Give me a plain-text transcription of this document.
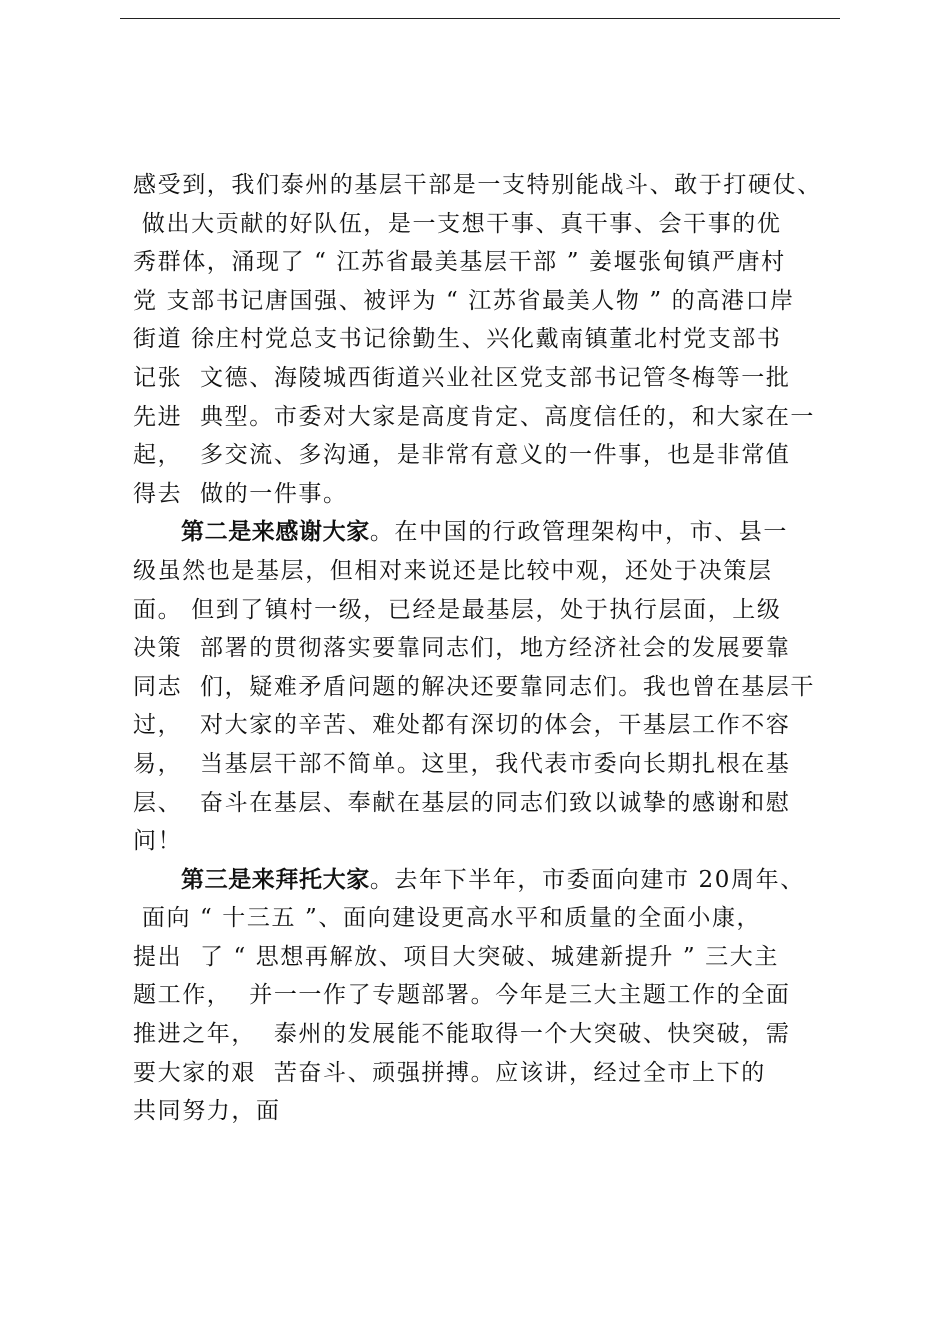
感受到，我们泰州的基层干部是一支特别能战斗、敢于打硬仗、
做出大贡献的好队伍，是一支想干事、真干事、会干事的优
秀群体，涌现了 “ 江苏省最美基层干部 ” 姜堰张甸镇严唐村
党 支部书记唐国强、被评为 “ 江苏省最美人物 ” 的高港口岸
街道 徐庄村党总支书记徐勤生、兴化戴南镇董北村党支部书
记张  文德、海陵城西街道兴业社区党支部书记管冬梅等一批
先进  典型。市委对大家是高度肯定、高度信任的，和大家在一
起，  多交流、多沟通，是非常有意义的一件事，也是非常值
得去  做的一件事。
第二是来感谢大家。在中国的行政管理架构中，市、县一
级虽然也是基层，但相对来说还是比较中观，还处于决策层
面。 但到了镇村一级，已经是最基层，处于执行层面，上级
决策  部署的贯彻落实要靠同志们，地方经济社会的发展要靠
同志  们，疑难矛盾问题的解决还要靠同志们。我也曾在基层干
过，  对大家的辛苦、难处都有深切的体会，干基层工作不容
易，  当基层干部不简单。这里，我代表市委向长期扎根在基
层、  奋斗在基层、奉献在基层的同志们致以诚挚的感谢和慰
问！
第三是来拜托大家。去年下半年，市委面向建市 20周年、
面向 “ 十三五 ”、面向建设更高水平和质量的全面小康，
提出  了 “ 思想再解放、项目大突破、城建新提升 ” 三大主
题工作，  并一一作了专题部署。今年是三大主题工作的全面
推进之年，  泰州的发展能不能取得一个大突破、快突破，需
要大家的艰  苦奋斗、顽强拼搏。应该讲，经过全市上下的
共同努力，面
